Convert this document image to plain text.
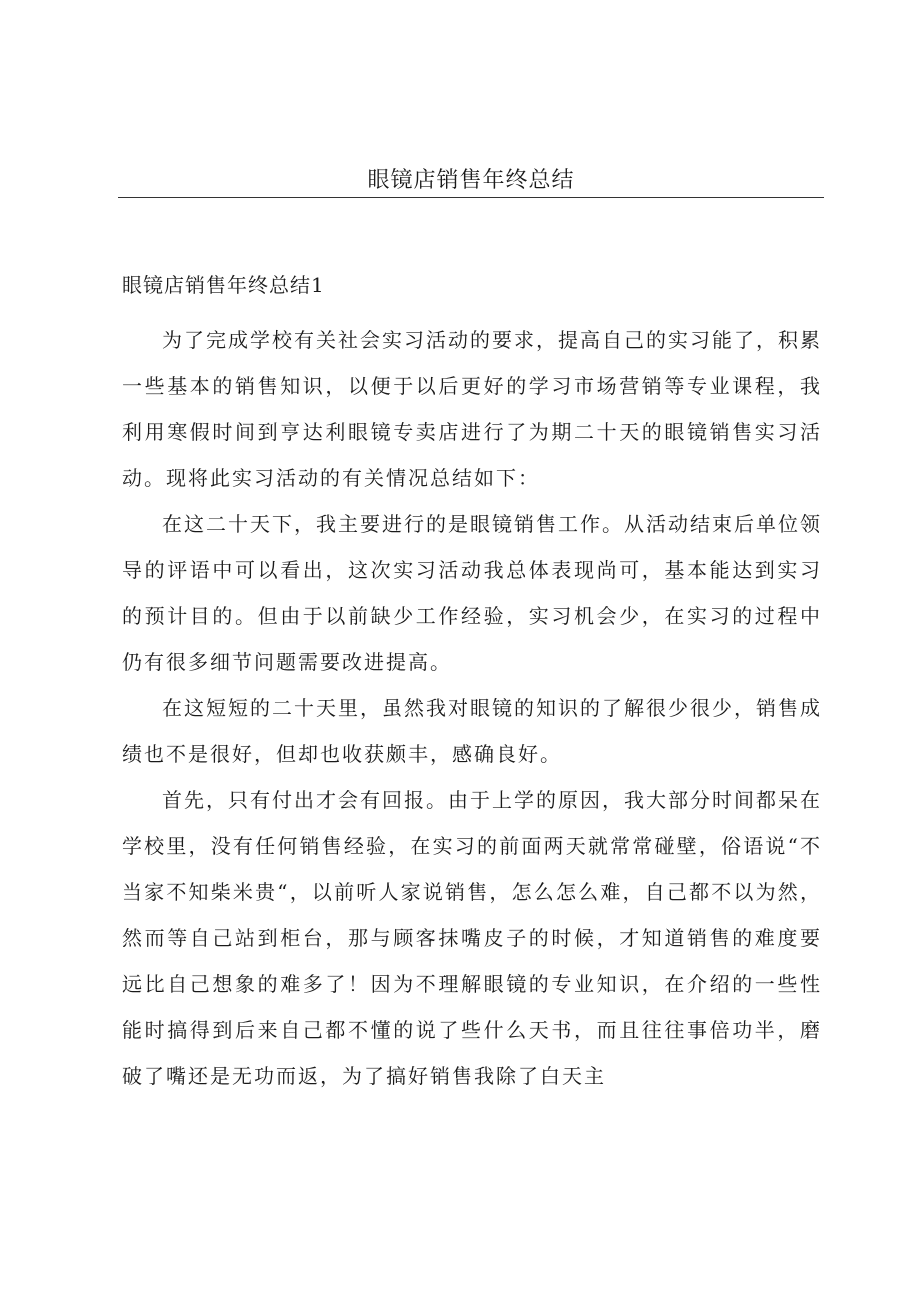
眼镜店销售年终总结
眼镜店销售年终总结1

为了完成学校有关社会实习活动的要求，提高自己的实习能了，积累一些基本的销售知识，以便于以后更好的学习市场营销等专业课程，我利用寒假时间到亨达利眼镜专卖店进行了为期二十天的眼镜销售实习活动。现将此实习活动的有关情况总结如下：

在这二十天下，我主要进行的是眼镜销售工作。从活动结束后单位领导的评语中可以看出，这次实习活动我总体表现尚可，基本能达到实习的预计目的。但由于以前缺少工作经验，实习机会少，在实习的过程中仍有很多细节问题需要改进提高。

在这短短的二十天里，虽然我对眼镜的知识的了解很少很少，销售成绩也不是很好，但却也收获颇丰，感确良好。

首先，只有付出才会有回报。由于上学的原因，我大部分时间都呆在学校里，没有任何销售经验，在实习的前面两天就常常碰壁，俗语说“不当家不知柴米贵“，以前听人家说销售，怎么怎么难，自己都不以为然，然而等自己站到柜台，那与顾客抹嘴皮子的时候，才知道销售的难度要远比自己想象的难多了！因为不理解眼镜的专业知识，在介绍的一些性能时搞得到后来自己都不懂的说了些什么天书，而且往往事倍功半，磨破了嘴还是无功而返，为了搞好销售我除了白天主
